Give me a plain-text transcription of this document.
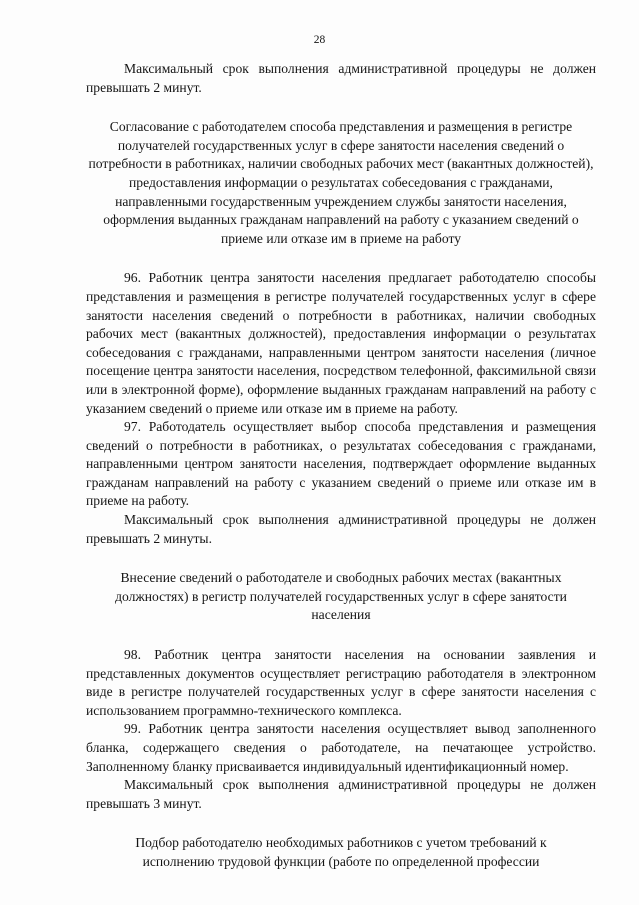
28

Максимальный срок выполнения административной процедуры не должен превышать 2 минут.

Согласование с работодателем способа представления и размещения в регистре получателей государственных услуг в сфере занятости населения сведений о потребности в работниках, наличии свободных рабочих мест (вакантных должностей), предоставления информации о результатах собеседования с гражданами, направленными государственным учреждением службы занятости населения, оформления выданных гражданам направлений на работу с указанием сведений о приеме или отказе им в приеме на работу

96. Работник центра занятости населения предлагает работодателю способы представления и размещения в регистре получателей государственных услуг в сфере занятости населения сведений о потребности в работниках, наличии свободных рабочих мест (вакантных должностей), предоставления информации о результатах собеседования с гражданами, направленными центром занятости населения (личное посещение центра занятости населения, посредством телефонной, факсимильной связи или в электронной форме), оформление выданных гражданам направлений на работу с указанием сведений о приеме или отказе им в приеме на работу.

97. Работодатель осуществляет выбор способа представления и размещения сведений о потребности в работниках, о результатах собеседования с гражданами, направленными центром занятости населения, подтверждает оформление выданных гражданам направлений на работу с указанием сведений о приеме или отказе им в приеме на работу.

Максимальный срок выполнения административной процедуры не должен превышать 2 минуты.

Внесение сведений о работодателе и свободных рабочих местах (вакантных должностях) в регистр получателей государственных услуг в сфере занятости населения

98. Работник центра занятости населения на основании заявления и представленных документов осуществляет регистрацию работодателя в электронном виде в регистре получателей государственных услуг в сфере занятости населения с использованием программно-технического комплекса.

99. Работник центра занятости населения осуществляет вывод заполненного бланка, содержащего сведения о работодателе, на печатающее устройство. Заполненному бланку присваивается индивидуальный идентификационный номер.

Максимальный срок выполнения административной процедуры не должен превышать 3 минут.

Подбор работодателю необходимых работников с учетом требований к исполнению трудовой функции (работе по определенной профессии
